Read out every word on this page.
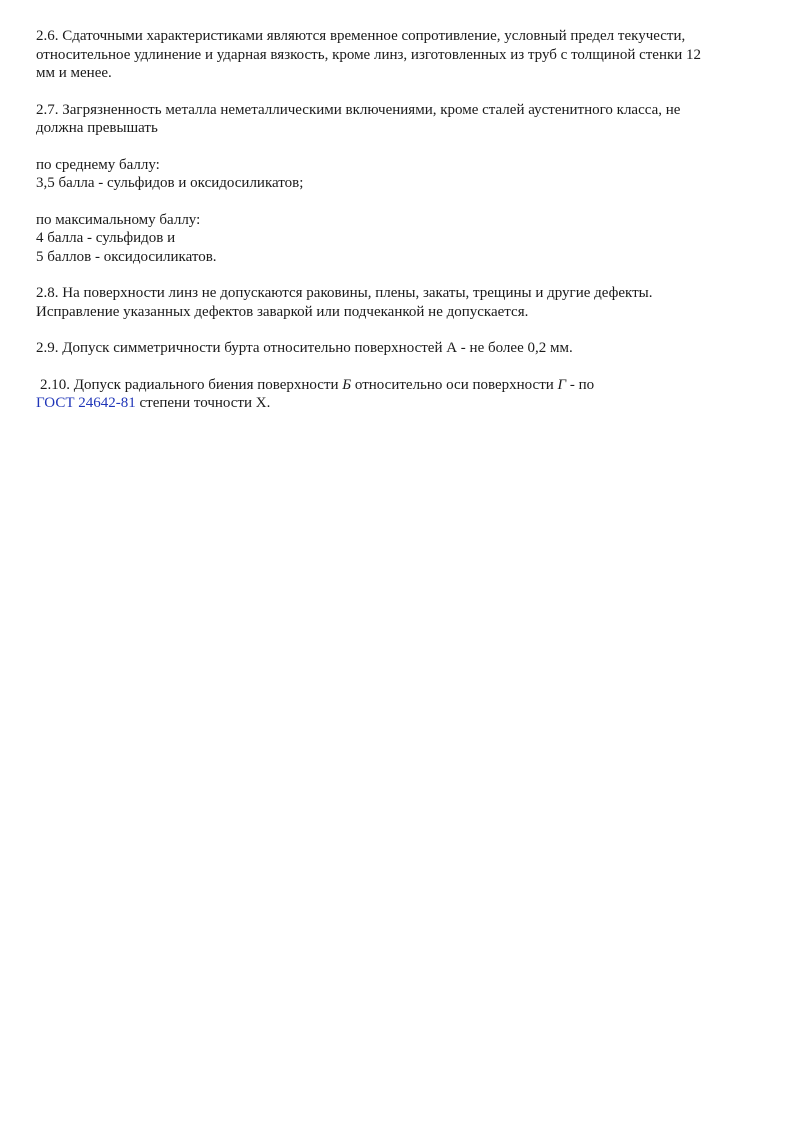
2.6. Сдаточными характеристиками являются временное сопротивление, условный предел текучести,
относительное удлинение и ударная вязкость, кроме линз, изготовленных из труб с толщиной стенки 12
мм и менее.
2.7. Загрязненность металла неметаллическими включениями, кроме сталей аустенитного класса, не
должна превышать
по среднему баллу:
3,5 балла - сульфидов и оксидосиликатов;
по максимальному баллу:
4 балла - сульфидов и
5 баллов - оксидосиликатов.
2.8. На поверхности линз не допускаются раковины, плены, закаты, трещины и другие дефекты.
Исправление указанных дефектов заваркой или подчеканкой не допускается.
2.9. Допуск симметричности бурта относительно поверхностей А - не более 0,2 мм.
2.10. Допуск радиального биения поверхности Б относительно оси поверхности Г - по
ГОСТ 24642-81 степени точности X.
